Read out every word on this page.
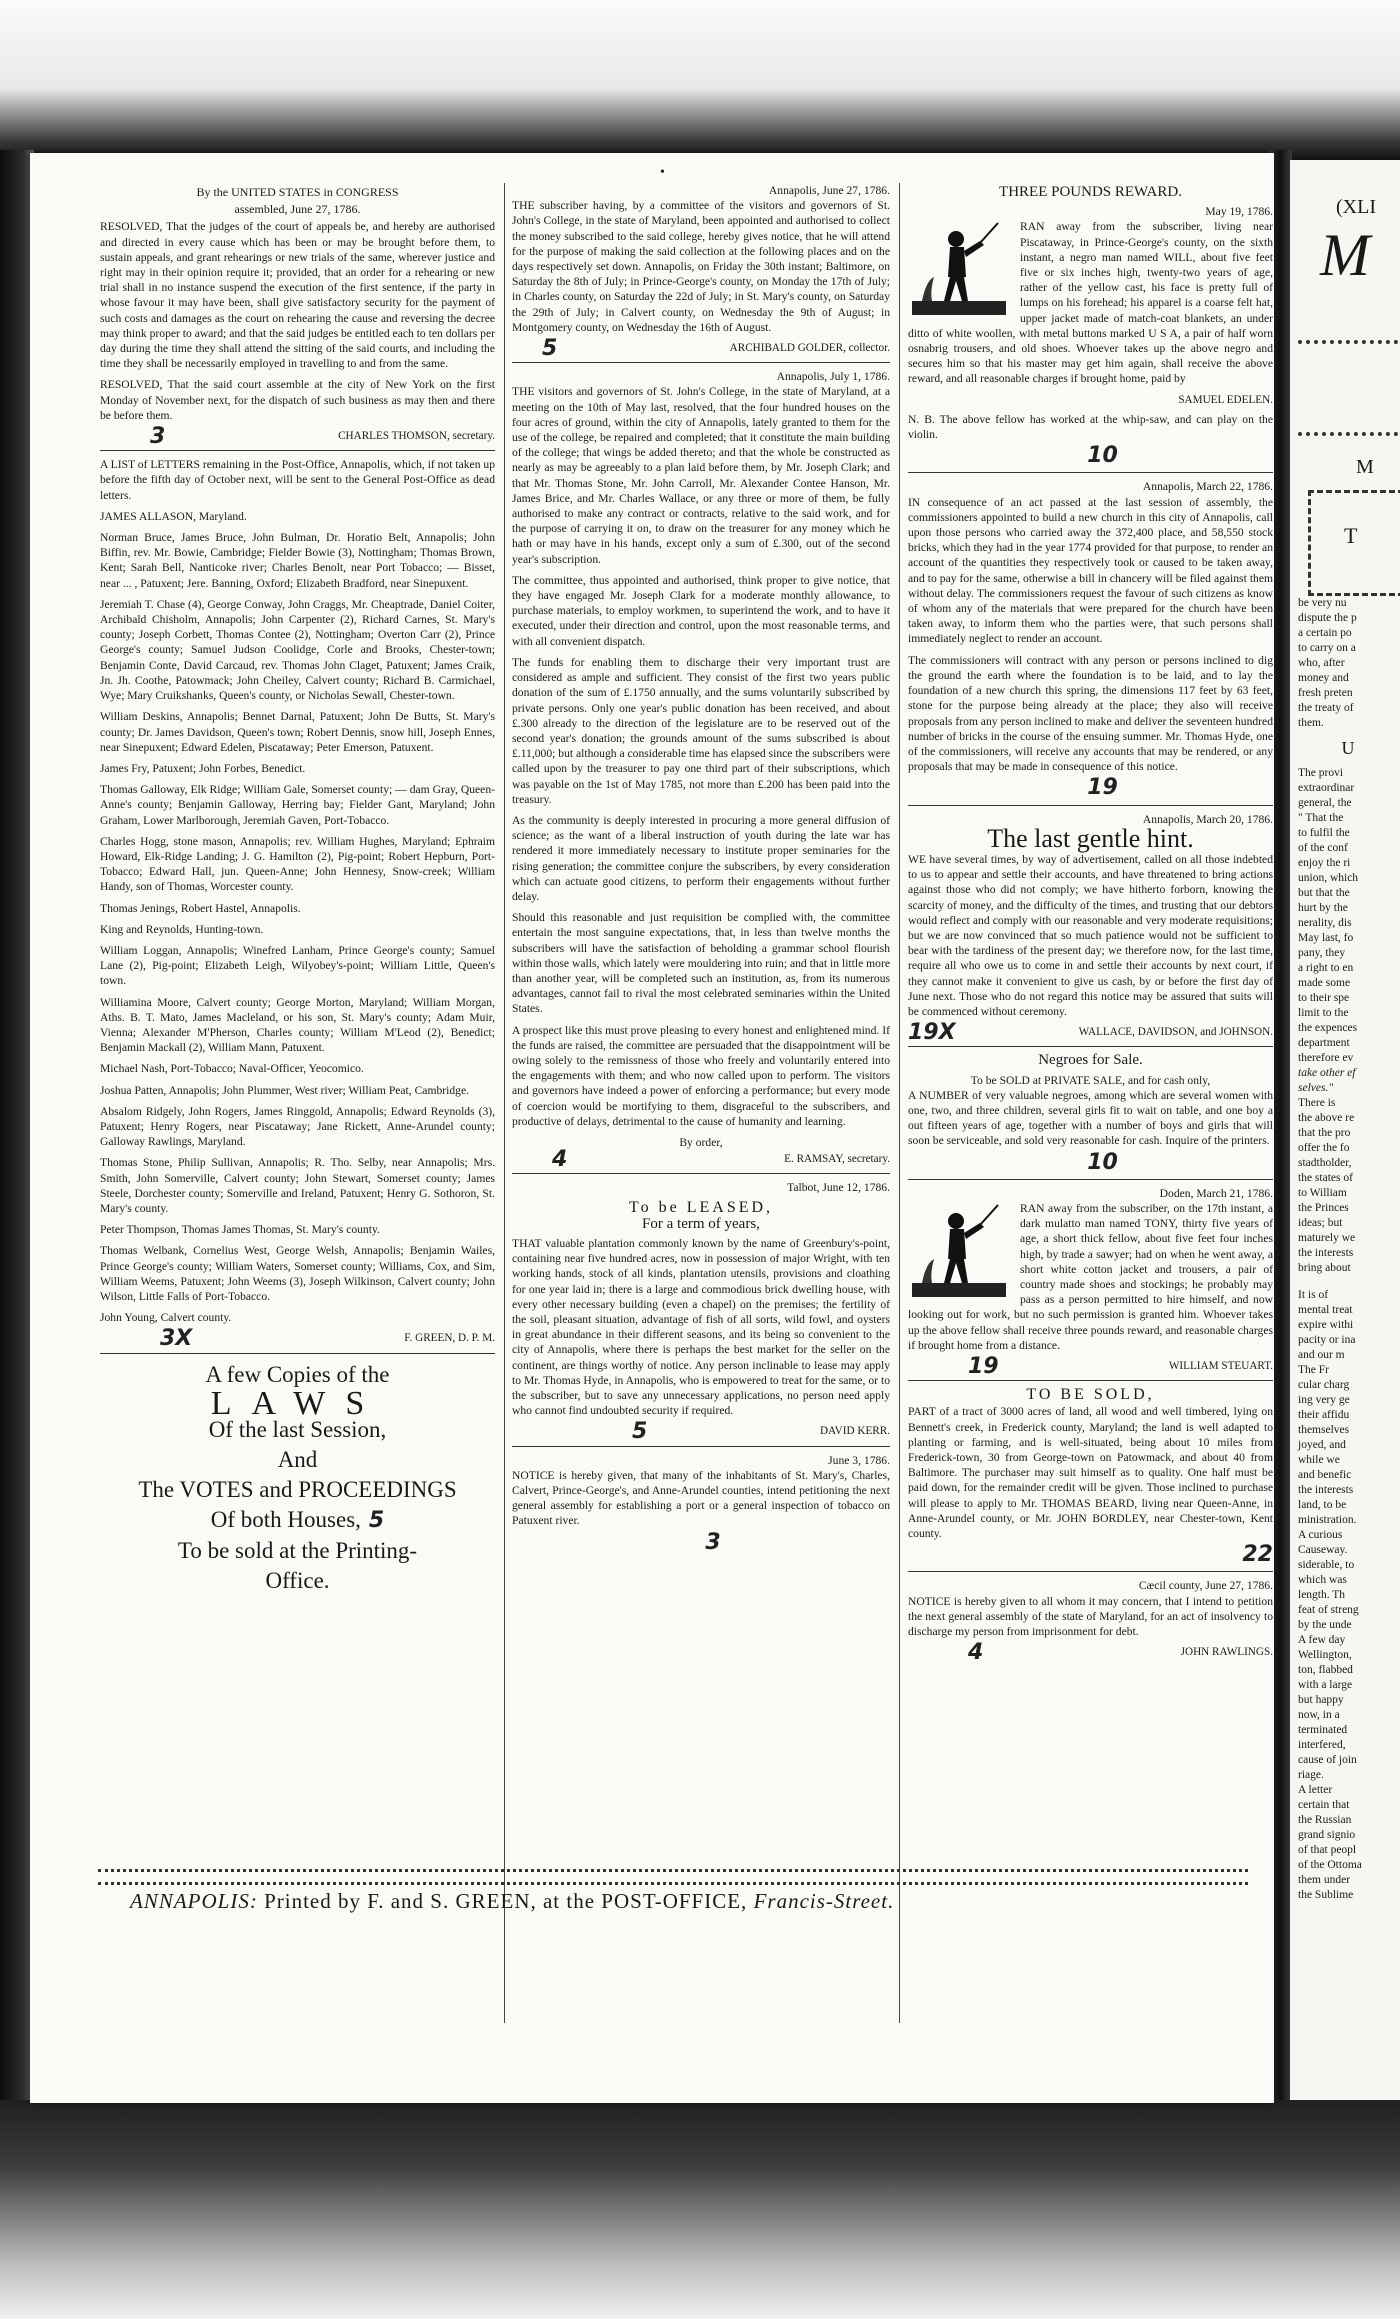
•
By the UNITED STATES in CONGRESS
assembled, June 27, 1786.

RESOLVED, That the judges of the court of appeals be, and hereby are authorised and directed in every cause which has been or may be brought before them, to sustain appeals, and grant rehearings or new trials of the same, wherever justice and right may in their opinion require it; provided, that an order for a rehearing or new trial shall in no instance suspend the execution of the first sentence, if the party in whose favour it may have been, shall give satisfactory security for the payment of such costs and damages as the court on rehearing the cause and reversing the decree may think proper to award; and that the said judges be entitled each to ten dollars per day during the time they shall attend the sitting of the said courts, and including the time they shall be necessarily employed in travelling to and from the same.

RESOLVED, That the said court assemble at the city of New York on the first Monday of November next, for the dispatch of such business as may then and there be before them.

3	CHARLES THOMSON, secretary.

A LIST of LETTERS remaining in the Post-Office, Annapolis, which, if not taken up before the fifth day of October next, will be sent to the General Post-Office as dead letters.

JAMES ALLASON, Maryland.

Norman Bruce, James Bruce, John Bulman, Dr. Horatio Belt, Annapolis; John Biffin, rev. Mr. Bowie, Cambridge; Fielder Bowie (3), Nottingham; Thomas Brown, Kent; Sarah Bell, Nanticoke river; Charles Benolt, near Port Tobacco; — Bisset, near ... , Patuxent; Jere. Banning, Oxford; Elizabeth Bradford, near Sinepuxent.

Jeremiah T. Chase (4), George Conway, John Craggs, Mr. Cheaptrade, Daniel Coiter, Archibald Chisholm, Annapolis; John Carpenter (2), Richard Carnes, St. Mary's county; Joseph Corbett, Thomas Contee (2), Nottingham; Overton Carr (2), Prince George's county; Samuel Judson Coolidge, Corle and Brooks, Chester-town; Benjamin Conte, David Carcaud, rev. Thomas John Claget, Patuxent; James Craik, Jn. Jh. Coothe, Patowmack; John Cheiley, Calvert county; Richard B. Carmichael, Wye; Mary Cruikshanks, Queen's county, or Nicholas Sewall, Chester-town.

William Deskins, Annapolis; Bennet Darnal, Patuxent; John De Butts, St. Mary's county; Dr. James Davidson, Queen's town; Robert Dennis, snow hill, Joseph Ennes, near Sinepuxent; Edward Edelen, Piscataway; Peter Emerson, Patuxent.

James Fry, Patuxent; John Forbes, Benedict.

Thomas Galloway, Elk Ridge; William Gale, Somerset county; — dam Gray, Queen-Anne's county; Benjamin Galloway, Herring bay; Fielder Gant, Maryland; John Graham, Lower Marlborough, Jeremiah Gaven, Port-Tobacco.

Charles Hogg, stone mason, Annapolis; rev. William Hughes, Maryland; Ephraim Howard, Elk-Ridge Landing; J. G. Hamilton (2), Pig-point; Robert Hepburn, Port-Tobacco; Edward Hall, jun. Queen-Anne; John Hennesy, Snow-creek; William Handy, son of Thomas, Worcester county.

Thomas Jenings, Robert Hastel, Annapolis.

King and Reynolds, Hunting-town.

William Loggan, Annapolis; Winefred Lanham, Prince George's county; Samuel Lane (2), Pig-point; Elizabeth Leigh, Wilyobey's-point; William Little, Queen's town.

Williamina Moore, Calvert county; George Morton, Maryland; William Morgan, Aths. B. T. Mato, James Macleland, or his son, St. Mary's county; Adam Muir, Vienna; Alexander M'Pherson, Charles county; William M'Leod (2), Benedict; Benjamin Mackall (2), William Mann, Patuxent.

Michael Nash, Port-Tobacco; Naval-Officer, Yeocomico.

Joshua Patten, Annapolis; John Plummer, West river; William Peat, Cambridge.

Absalom Ridgely, John Rogers, James Ringgold, Annapolis; Edward Reynolds (3), Patuxent; Henry Rogers, near Piscataway; Jane Rickett, Anne-Arundel county; Galloway Rawlings, Maryland.

Thomas Stone, Philip Sullivan, Annapolis; R. Tho. Selby, near Annapolis; Mrs. Smith, John Somerville, Calvert county; John Stewart, Somerset county; James Steele, Dorchester county; Somerville and Ireland, Patuxent; Henry G. Sothoron, St. Mary's county.

Peter Thompson, Thomas James Thomas, St. Mary's county.

Thomas Welbank, Cornelius West, George Welsh, Annapolis; Benjamin Wailes, Prince George's county; William Waters, Somerset county; Williams, Cox, and Sim, William Weems, Patuxent; John Weems (3), Joseph Wilkinson, Calvert county; John Wilson, Little Falls of Port-Tobacco.

John Young, Calvert county.

3X	F. GREEN, D. P. M.
A few Copies of the
LAWS
Of the last Session,
And
The VOTES and PROCEEDINGS
Of both Houses, 5
To be sold at the Printing-
Office.
Annapolis, June 27, 1786.

THE subscriber having, by a committee of the visitors and governors of St. John's College, in the state of Maryland, been appointed and authorised to collect the money subscribed to the said college, hereby gives notice, that he will attend for the purpose of making the said collection at the following places and on the days respectively set down. Annapolis, on Friday the 30th instant; Baltimore, on Saturday the 8th of July; in Prince-George's county, on Monday the 17th of July; in Charles county, on Saturday the 22d of July; in St. Mary's county, on Saturday the 29th of July; in Calvert county, on Wednesday the 9th of August; in Montgomery county, on Wednesday the 16th of August.

5	ARCHIBALD GOLDER, collector.
Annapolis, July 1, 1786.

THE visitors and governors of St. John's College, in the state of Maryland, at a meeting on the 10th of May last, resolved, that the four hundred houses on the four acres of ground, within the city of Annapolis, lately granted to them for the use of the college, be repaired and completed; that it constitute the main building of the college; that wings be added thereto; and that the whole be constructed as nearly as may be agreeably to a plan laid before them, by Mr. Joseph Clark; and that Mr. Thomas Stone, Mr. John Carroll, Mr. Alexander Contee Hanson, Mr. James Brice, and Mr. Charles Wallace, or any three or more of them, be fully authorised to make any contract or contracts, relative to the said work, and for the purpose of carrying it on, to draw on the treasurer for any money which he hath or may have in his hands, except only a sum of £.300, out of the second year's subscription.

The committee, thus appointed and authorised, think proper to give notice, that they have engaged Mr. Joseph Clark for a moderate monthly allowance, to purchase materials, to employ workmen, to superintend the work, and to have it executed, under their direction and control, upon the most reasonable terms, and with all convenient dispatch.

The funds for enabling them to discharge their very important trust are considered as ample and sufficient. They consist of the first two years public donation of the sum of £.1750 annually, and the sums voluntarily subscribed by private persons. Only one year's public donation has been received, and about £.300 already to the direction of the legislature are to be reserved out of the second year's donation; the grounds amount of the sums subscribed is about £.11,000; but although a considerable time has elapsed since the subscribers were called upon by the treasurer to pay one third part of their subscriptions, which was payable on the 1st of May 1785, not more than £.200 has been paid into the treasury.

As the community is deeply interested in procuring a more general diffusion of science; as the want of a liberal instruction of youth during the late war has rendered it more immediately necessary to institute proper seminaries for the rising generation; the committee conjure the subscribers, by every consideration which can actuate good citizens, to perform their engagements without further delay.

Should this reasonable and just requisition be complied with, the committee entertain the most sanguine expectations, that, in less than twelve months the subscribers will have the satisfaction of beholding a grammar school flourish within those walls, which lately were mouldering into ruin; and that in little more than another year, will be completed such an institution, as, from its numerous advantages, cannot fail to rival the most celebrated seminaries within the United States.

A prospect like this must prove pleasing to every honest and enlightened mind. If the funds are raised, the committee are persuaded that the disappointment will be owing solely to the remissness of those who freely and voluntarily entered into the engagements with them; and who now called upon to perform. The visitors and governors have indeed a power of enforcing a performance; but every mode of coercion would be mortifying to them, disgraceful to the subscribers, and productive of delays, detrimental to the cause of humanity and learning.

By order,
4	E. RAMSAY, secretary.
Talbot, June 12, 1786.
To be LEASED,
For a term of years,

THAT valuable plantation commonly known by the name of Greenbury's-point, containing near five hundred acres, now in possession of major Wright, with ten working hands, stock of all kinds, plantation utensils, provisions and cloathing for one year laid in; there is a large and commodious brick dwelling house, with every other necessary building (even a chapel) on the premises; the fertility of the soil, pleasant situation, advantage of fish of all sorts, wild fowl, and oysters in great abundance in their different seasons, and its being so convenient to the city of Annapolis, where there is perhaps the best market for the seller on the continent, are things worthy of notice. Any person inclinable to lease may apply to Mr. Thomas Hyde, in Annapolis, who is empowered to treat for the same, or to the subscriber, but to save any unnecessary applications, no person need apply who cannot find undoubted security if required.

5	DAVID KERR.
June 3, 1786.

NOTICE is hereby given, that many of the inhabitants of St. Mary's, Charles, Calvert, Prince-George's, and Anne-Arundel counties, intend petitioning the next general assembly for establishing a port or a general inspection of tobacco on Patuxent river.

3
THREE POUNDS REWARD.
May 19, 1786.

RAN away from the subscriber, living near Piscataway, in Prince-George's county, on the sixth instant, a negro man named WILL, about five feet five or six inches high, twenty-two years of age, rather of the yellow cast, his face is pretty full of lumps on his forehead; his apparel is a coarse felt hat, upper jacket made of match-coat blankets, an under ditto of white woollen, with metal buttons marked U S A, a pair of half worn osnabrig trousers, and old shoes. Whoever takes up the above negro and secures him so that his master may get him again, shall receive the above reward, and all reasonable charges if brought home, paid by

SAMUEL EDELEN.

N. B. The above fellow has worked at the whip-saw, and can play on the violin.

10
Annapolis, March 22, 1786.

IN consequence of an act passed at the last session of assembly, the commissioners appointed to build a new church in this city of Annapolis, call upon those persons who carried away the 372,400 place, and 58,550 stock bricks, which they had in the year 1774 provided for that purpose, to render an account of the quantities they respectively took or caused to be taken away, and to pay for the same, otherwise a bill in chancery will be filed against them without delay. The commissioners request the favour of such citizens as know of whom any of the materials that were prepared for the church have been taken away, to inform them who the parties were, that such persons shall immediately neglect to render an account.

The commissioners will contract with any person or persons inclined to dig the ground the earth where the foundation is to be laid, and to lay the foundation of a new church this spring, the dimensions 117 feet by 63 feet, stone for the purpose being already at the place; they also will receive proposals from any person inclined to make and deliver the seventeen hundred number of bricks in the course of the ensuing summer. Mr. Thomas Hyde, one of the commissioners, will receive any accounts that may be rendered, or any proposals that may be made in consequence of this notice.

19
Annapolis, March 20, 1786.
The last gentle hint.

WE have several times, by way of advertisement, called on all those indebted to us to appear and settle their accounts, and have threatened to bring actions against those who did not comply; we have hitherto forborn, knowing the scarcity of money, and the difficulty of the times, and trusting that our debtors would reflect and comply with our reasonable and very moderate requisitions; but we are now convinced that so much patience would not be sufficient to bear with the tardiness of the present day; we therefore now, for the last time, require all who owe us to come in and settle their accounts by next court, if they cannot make it convenient to give us cash, by or before the first day of June next. Those who do not regard this notice may be assured that suits will be commenced without ceremony.

19X	WALLACE, DAVIDSON, and JOHNSON.
Negroes for Sale.
To be SOLD at PRIVATE SALE, and for cash only,

A NUMBER of very valuable negroes, among which are several women with one, two, and three children, several girls fit to wait on table, and one boy a out fifteen years of age, together with a number of boys and girls that will soon be serviceable, and sold very reasonable for cash. Inquire of the printers.

10
Doden, March 21, 1786.

RAN away from the subscriber, on the 17th instant, a dark mulatto man named TONY, thirty five years of age, a short thick fellow, about five feet four inches high, by trade a sawyer; had on when he went away, a short white cotton jacket and trousers, a pair of country made shoes and stockings; he probably may pass as a person permitted to hire himself, and now looking out for work, but no such permission is granted him. Whoever takes up the above fellow shall receive three pounds reward, and reasonable charges if brought home from a distance.

19	WILLIAM STEUART.
TO BE SOLD,

PART of a tract of 3000 acres of land, all wood and well timbered, lying on Bennett's creek, in Frederick county, Maryland; the land is well adapted to planting or farming, and is well-situated, being about 10 miles from Frederick-town, 30 from George-town on Patowmack, and about 40 from Baltimore. The purchaser may suit himself as to quality. One half must be paid down, for the remainder credit will be given. Those inclined to purchase will please to apply to Mr. THOMAS BEARD, living near Queen-Anne, in Anne-Arundel county, or Mr. JOHN BORDLEY, near Chester-town, Kent county.

22
Cæcil county, June 27, 1786.

NOTICE is hereby given to all whom it may concern, that I intend to petition the next general assembly of the state of Maryland, for an act of insolvency to discharge my person from imprisonment for debt.

4	JOHN RAWLINGS.
ANNAPOLIS: Printed by F. and S. GREEN, at the POST-OFFICE, Francis-Street.
(XLI
M
M
T
be very nu
dispute the p
a certain po
to carry on a
who, after
money and
fresh preten
the treaty of
them.
U
The provi
extraordinar
general, the
" That the
to fulfil the
of the conf
enjoy the ri
union, which
but that the
hurt by the
nerality, dis
May last, fo
pany, they
a right to en
made some
to their spe
limit to the
the expences
department
therefore ev
take other ef
selves."
There is
the above re
that the pro
offer the fo
stadtholder,
the states of
to William
the Princes
ideas; but
maturely we
the interests
bring about
It is of
mental treat
expire withi
pacity or ina
and our m
The Fr
cular charg
ing very ge
their affidu
themselves
joyed, and
while we
and benefic
the interests
land, to be
ministration.
A curious
Causeway.
siderable, to
which was
length. Th
feat of streng
by the unde
A few day
Wellington,
ton, flabbed
with a large
but happy
now, in a
terminated
interfered,
cause of join
riage.
A letter
certain that
the Russian
grand signio
of that peopl
of the Ottoma
them under
the Sublime
